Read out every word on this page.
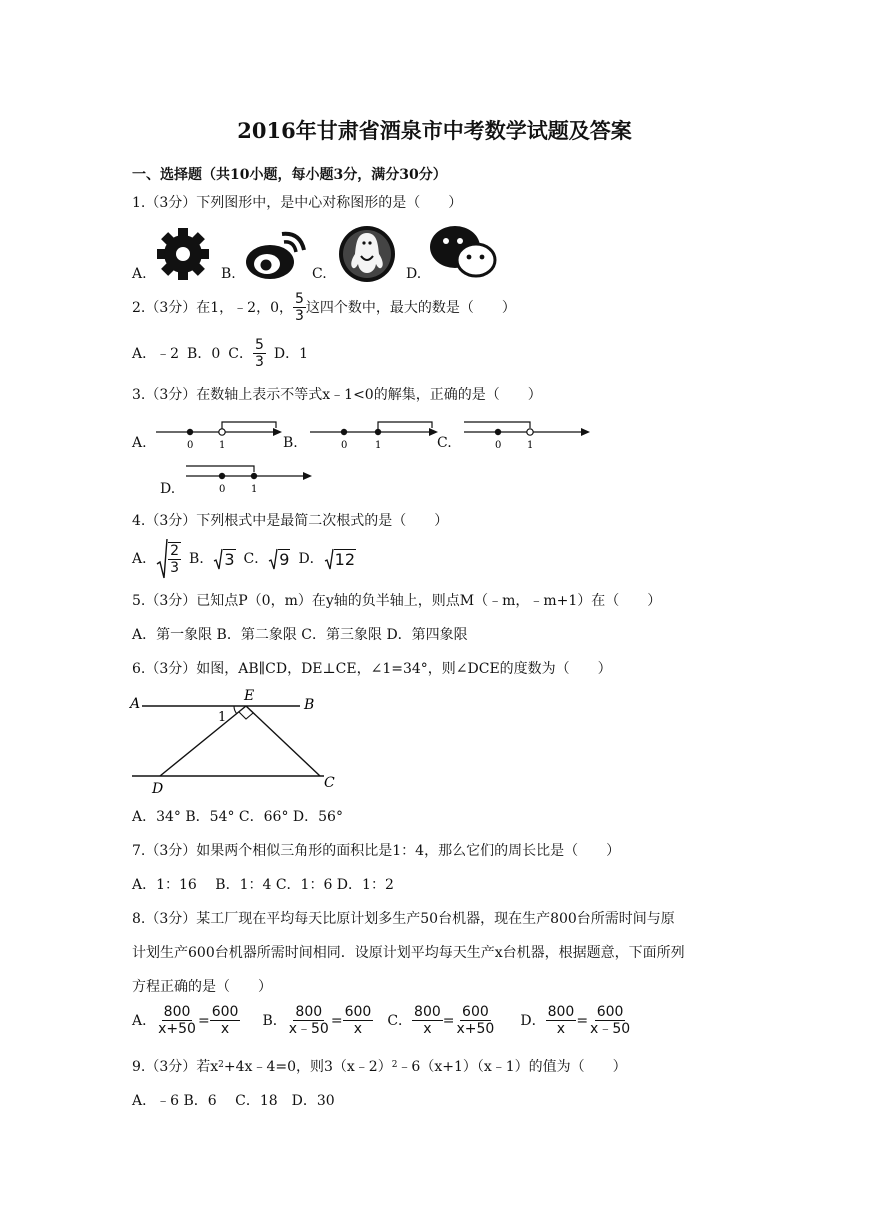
2016年甘肃省酒泉市中考数学试题及答案
一、选择题（共10小题，每小题3分，满分30分）
1.（3分）下列图形中，是中心对称图形的是（　　）
A.	B.	C.	D.
2.（3分）在1，﹣2，0， $\frac{5}{3}$ 这四个数中，最大的数是（　　）
A．﹣2 B．0 C． $\frac{5}{3}$ D．1
3.（3分）在数轴上表示不等式x﹣1<0的解集，正确的是（　　）
A.	0	1	B.	0	1	C.	0	1
D.	0	1
4.（3分）下列根式中是最简二次根式的是（　　）
A． $\frac{2}{3}$ B． 3 C． 9 D． 12
5.（3分）已知点P（0，m）在y轴的负半轴上，则点M（﹣m，﹣m+1）在（　　）
A．第一象限 B．第二象限 C．第三象限 D．第四象限
6.（3分）如图，AB∥CD，DE⊥CE，∠1=34°，则∠DCE的度数为（　　）
A	B
C
D
E
1
A．34° B．54° C．66° D．56°
7.（3分）如果两个相似三角形的面积比是1：4，那么它们的周长比是（　　）
A．1：16　 B．1：4 C．1：6 D．1：2
8.（3分）某工厂现在平均每天比原计划多生产50台机器，现在生产800台所需时间与原
计划生产600台机器所需时间相同．设原计划平均每天生产x台机器，根据题意，下面所列
方程正确的是（　　）
A． $\frac{800}{x+50} = \frac{600}{x}$ B． $\frac{800}{x﹣50} = \frac{600}{x}$ C． $\frac{800}{x} = \frac{600}{x+50}$ D． $\frac{800}{x} = \frac{600}{x﹣50}$
9.（3分）若$x^2+4x﹣4=0$，则3（x﹣2）$^2$﹣6（x+1）（x﹣1）的值为（　　）
A．﹣6 B．6　 C．18　D．30
